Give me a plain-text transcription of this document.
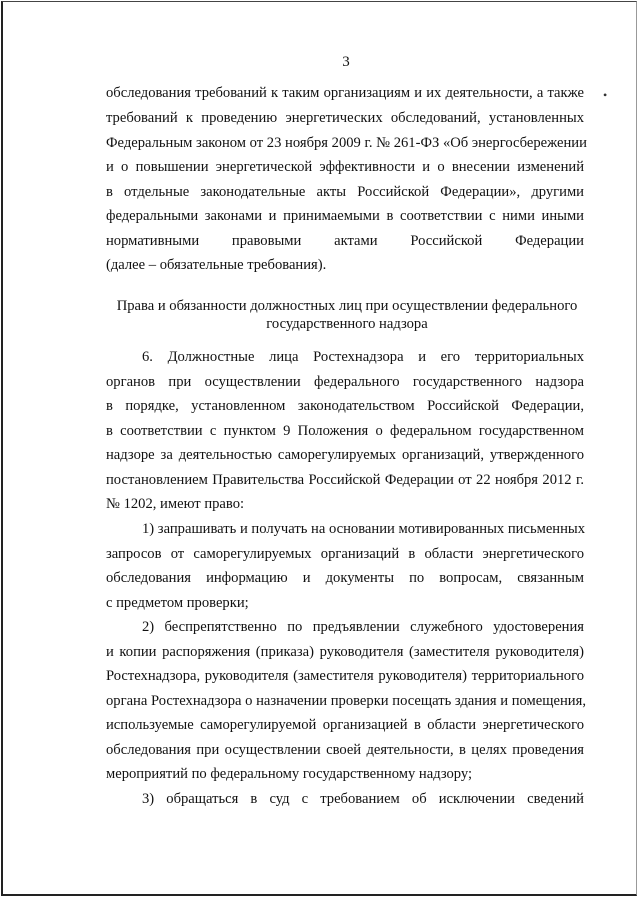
3
•
обследования требований к таким организациям и их деятельности, а также
требований к проведению энергетических обследований, установленных
Федеральным законом от 23 ноября 2009 г. № 261-ФЗ «Об энергосбережении
и о повышении энергетической эффективности и о внесении изменений
в отдельные законодательные акты Российской Федерации», другими
федеральными законами и принимаемыми в соответствии с ними иными
нормативными правовыми актами Российской Федерации
(далее – обязательные требования).
Права и обязанности должностных лиц при осуществлении федерального
государственного надзора
6. Должностные лица Ростехнадзора и его территориальных
органов при осуществлении федерального государственного надзора
в порядке, установленном законодательством Российской Федерации,
в соответствии с пунктом 9 Положения о федеральном государственном
надзоре за деятельностью саморегулируемых организаций, утвержденного
постановлением Правительства Российской Федерации от 22 ноября 2012 г.
№ 1202, имеют право:
1) запрашивать и получать на основании мотивированных письменных
запросов от саморегулируемых организаций в области энергетического
обследования информацию и документы по вопросам, связанным
с предметом проверки;
2) беспрепятственно по предъявлении служебного удостоверения
и копии распоряжения (приказа) руководителя (заместителя руководителя)
Ростехнадзора, руководителя (заместителя руководителя) территориального
органа Ростехнадзора о назначении проверки посещать здания и помещения,
используемые саморегулируемой организацией в области энергетического
обследования при осуществлении своей деятельности, в целях проведения
мероприятий по федеральному государственному надзору;
3) обращаться в суд с требованием об исключении сведений
